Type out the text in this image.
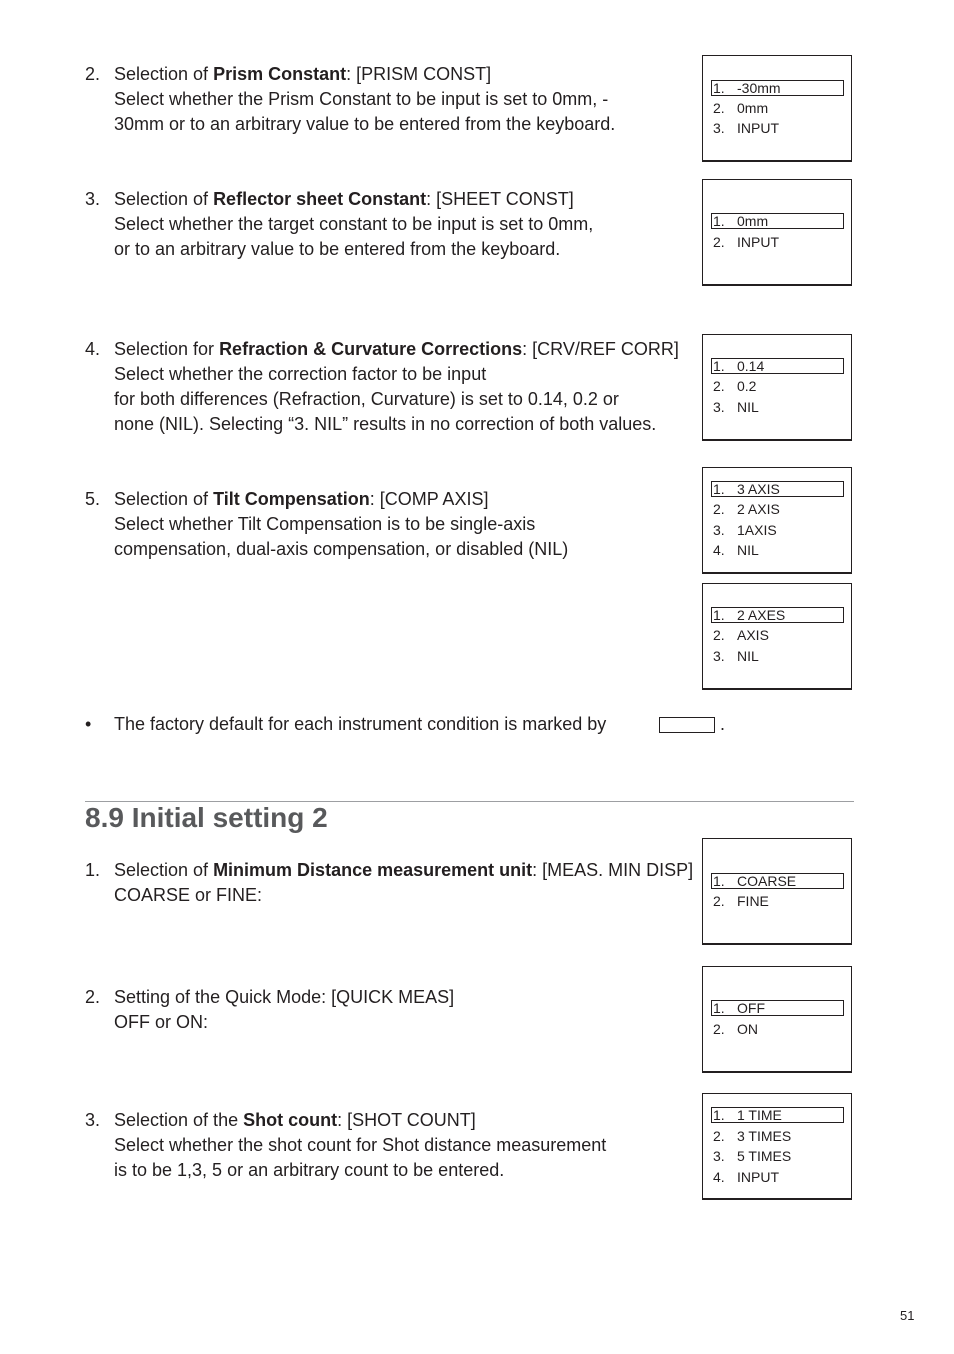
2. Selection of Prism Constant: [PRISM CONST]
Select whether the Prism Constant to be input is set to 0mm, -
30mm or to an arbitrary value to be entered from the keyboard.
1. -30mm
2. 0mm
3. INPUT
3. Selection of Reflector sheet Constant: [SHEET CONST]
Select whether the target constant to be input is set to 0mm,
or to an arbitrary value to be entered from the keyboard.
1. 0mm
2. INPUT
4. Selection for Refraction & Curvature Corrections: [CRV/REF CORR]
Select whether the correction factor to be input
for both differences (Refraction, Curvature) is set to 0.14, 0.2 or
none (NIL). Selecting “3. NIL” results in no correction of both values.
1. 0.14
2. 0.2
3. NIL
5. Selection of Tilt Compensation: [COMP AXIS]
Select whether Tilt Compensation is to be single-axis
compensation, dual-axis compensation, or disabled (NIL)
1. 3 AXIS
2. 2 AXIS
3. 1AXIS
4. NIL
1. 2 AXES
2. AXIS
3. NIL
• The factory default for each instrument condition is marked by	.
8.9 Initial setting 2
1. Selection of Minimum Distance measurement unit: [MEAS. MIN DISP]
COARSE or FINE:
1. COARSE
2. FINE
2. Setting of the Quick Mode: [QUICK MEAS]
OFF or ON:
1. OFF
2. ON
3. Selection of the Shot count: [SHOT COUNT]
Select whether the shot count for Shot distance measurement
is to be 1,3, 5 or an arbitrary count to be entered.
1. 1 TIME
2. 3 TIMES
3. 5 TIMES
4. INPUT
51
